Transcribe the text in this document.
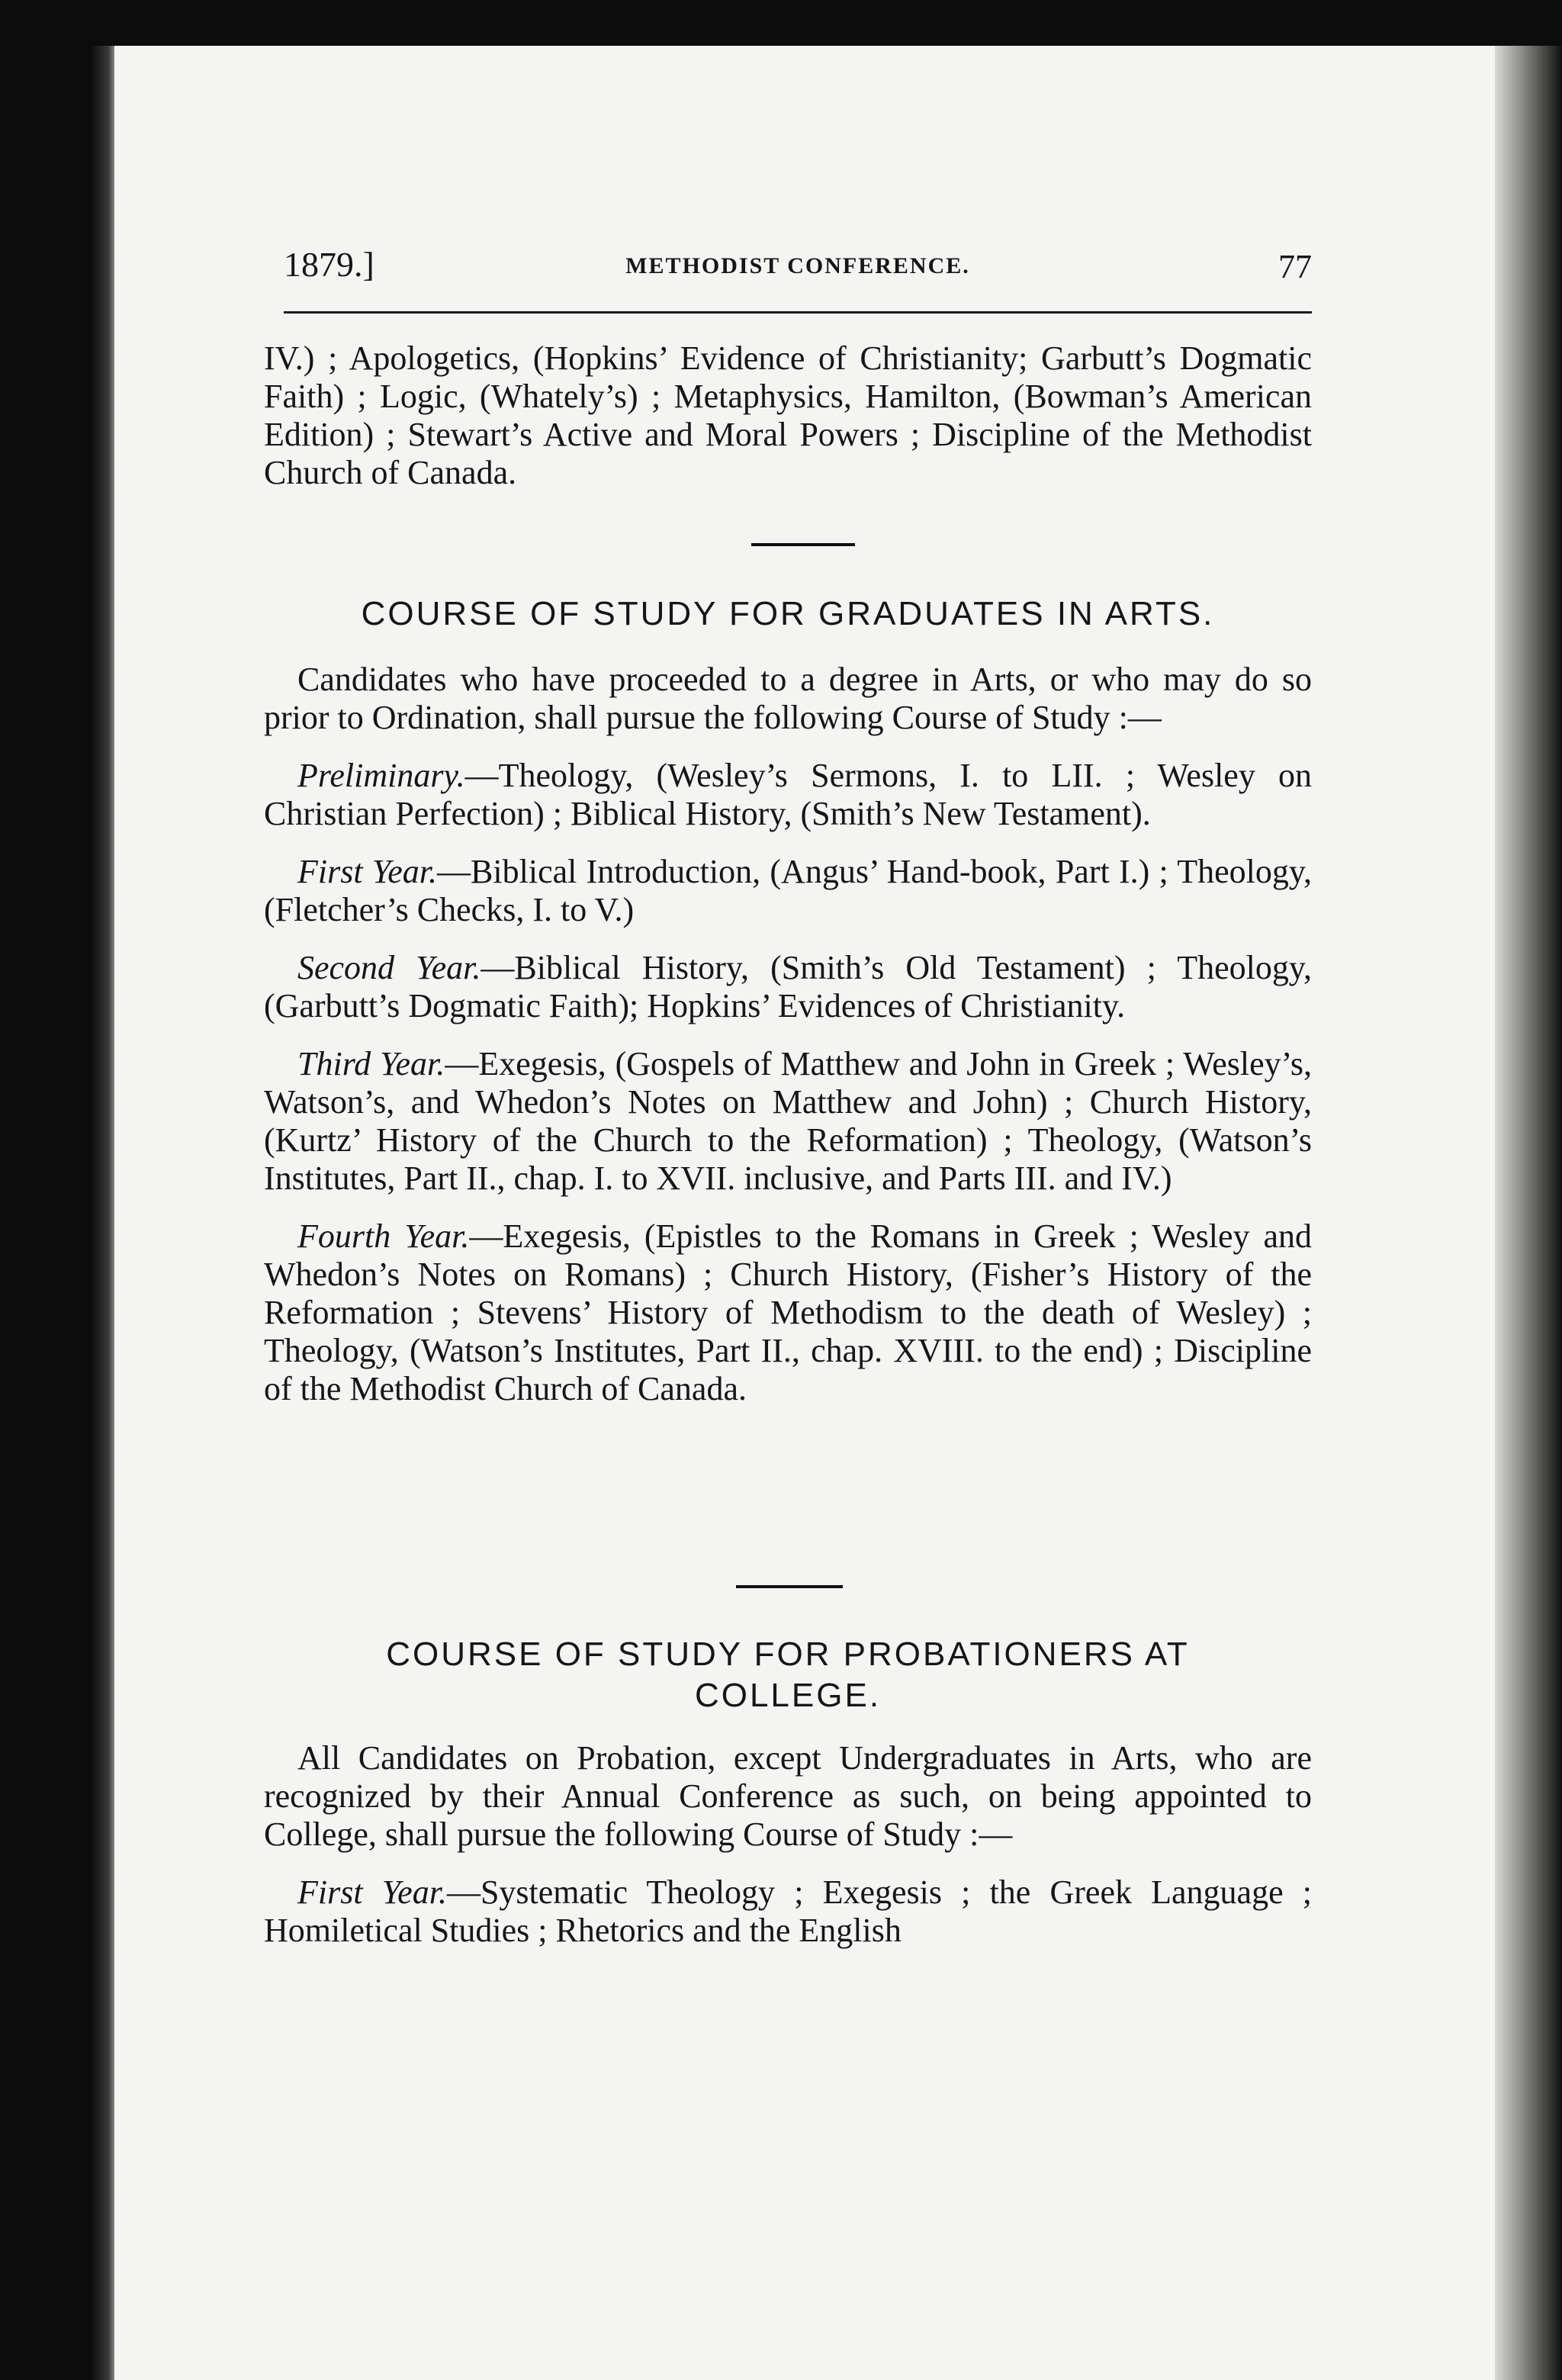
1879.]	METHODIST CONFERENCE.	77

IV.) ; Apologetics, (Hopkins’ Evidence of Christianity; Garbutt’s Dogmatic Faith) ; Logic, (Whately’s) ; Metaphysics, Hamilton, (Bowman’s American Edition) ; Stewart’s Active and Moral Powers ; Discipline of the Methodist Church of Canada.

COURSE OF STUDY FOR GRADUATES IN ARTS.

Candidates who have proceeded to a degree in Arts, or who may do so prior to Ordination, shall pursue the following Course of Study :—

Preliminary.—Theology, (Wesley’s Sermons, I. to LII. ; Wesley on Christian Perfection) ; Biblical History, (Smith’s New Testament).

First Year.—Biblical Introduction, (Angus’ Hand-book, Part I.) ; Theology, (Fletcher’s Checks, I. to V.)

Second Year.—Biblical History, (Smith’s Old Testament) ; Theology, (Garbutt’s Dogmatic Faith); Hopkins’ Evidences of Christianity.

Third Year.—Exegesis, (Gospels of Matthew and John in Greek ; Wesley’s, Watson’s, and Whedon’s Notes on Matthew and John) ; Church History, (Kurtz’ History of the Church to the Reformation) ; Theology, (Watson’s Institutes, Part II., chap. I. to XVII. inclusive, and Parts III. and IV.)

Fourth Year.—Exegesis, (Epistles to the Romans in Greek ; Wesley and Whedon’s Notes on Romans) ; Church History, (Fisher’s History of the Reformation ; Stevens’ History of Methodism to the death of Wesley) ; Theology, (Watson’s Institutes, Part II., chap. XVIII. to the end) ; Discipline of the Methodist Church of Canada.

COURSE OF STUDY FOR PROBATIONERS AT
COLLEGE.

All Candidates on Probation, except Undergraduates in Arts, who are recognized by their Annual Conference as such, on being appointed to College, shall pursue the following Course of Study :—

First Year.—Systematic Theology ; Exegesis ; the Greek Language ; Homiletical Studies ; Rhetorics and the English
